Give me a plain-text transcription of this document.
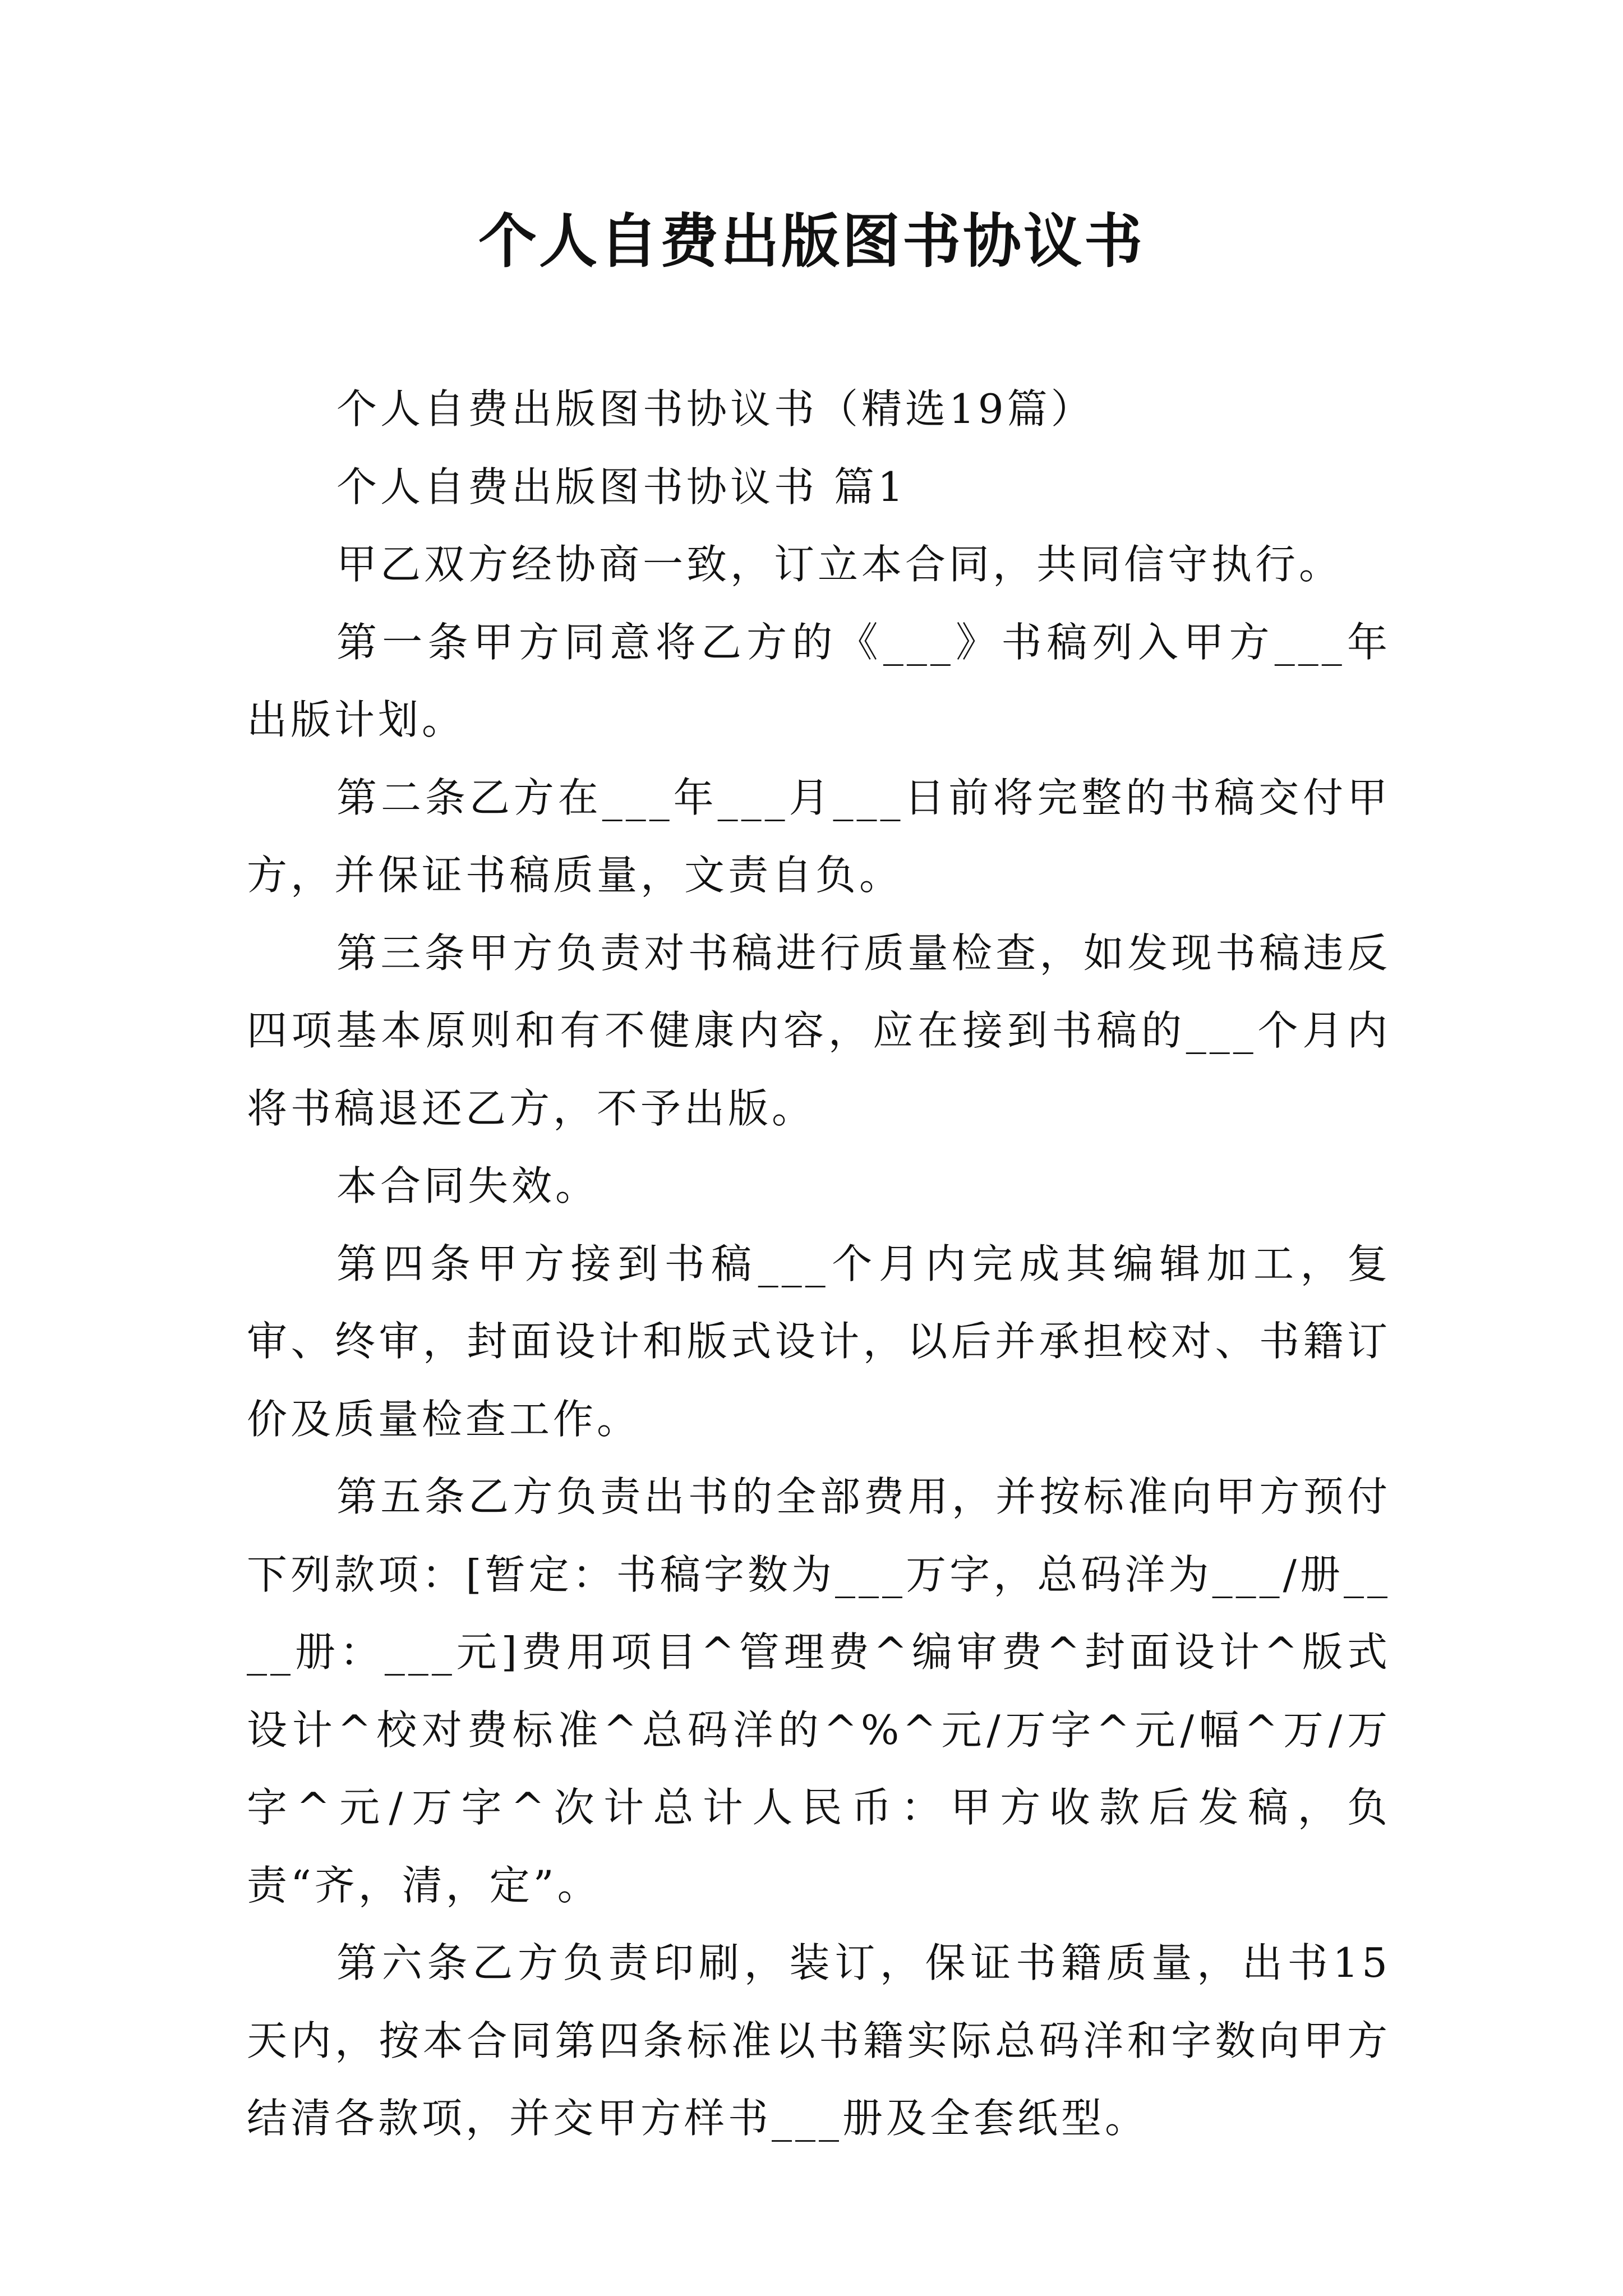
个人自费出版图书协议书

个人自费出版图书协议书（精选19篇）

个人自费出版图书协议书 篇1

甲乙双方经协商一致，订立本合同，共同信守执行。

第一条甲方同意将乙方的《___》书稿列入甲方___年出版计划。

第二条乙方在___年___月___日前将完整的书稿交付甲方，并保证书稿质量，文责自负。

第三条甲方负责对书稿进行质量检查，如发现书稿违反四项基本原则和有不健康内容，应在接到书稿的___个月内将书稿退还乙方，不予出版。

本合同失效。

第四条甲方接到书稿___个月内完成其编辑加工，复审、终审，封面设计和版式设计，以后并承担校对、书籍订价及质量检查工作。

第五条乙方负责出书的全部费用，并按标准向甲方预付下列款项：[暂定：书稿字数为___万字，总码洋为___/册____册：___元]费用项目^管理费^编审费^封面设计^版式设计^校对费标准^总码洋的^%^元/万字^元/幅^万/万字^元/万字^次计总计人民币：甲方收款后发稿，负责“齐，清，定”。

第六条乙方负责印刷，装订，保证书籍质量，出书15天内，按本合同第四条标准以书籍实际总码洋和字数向甲方结清各款项，并交甲方样书___册及全套纸型。
